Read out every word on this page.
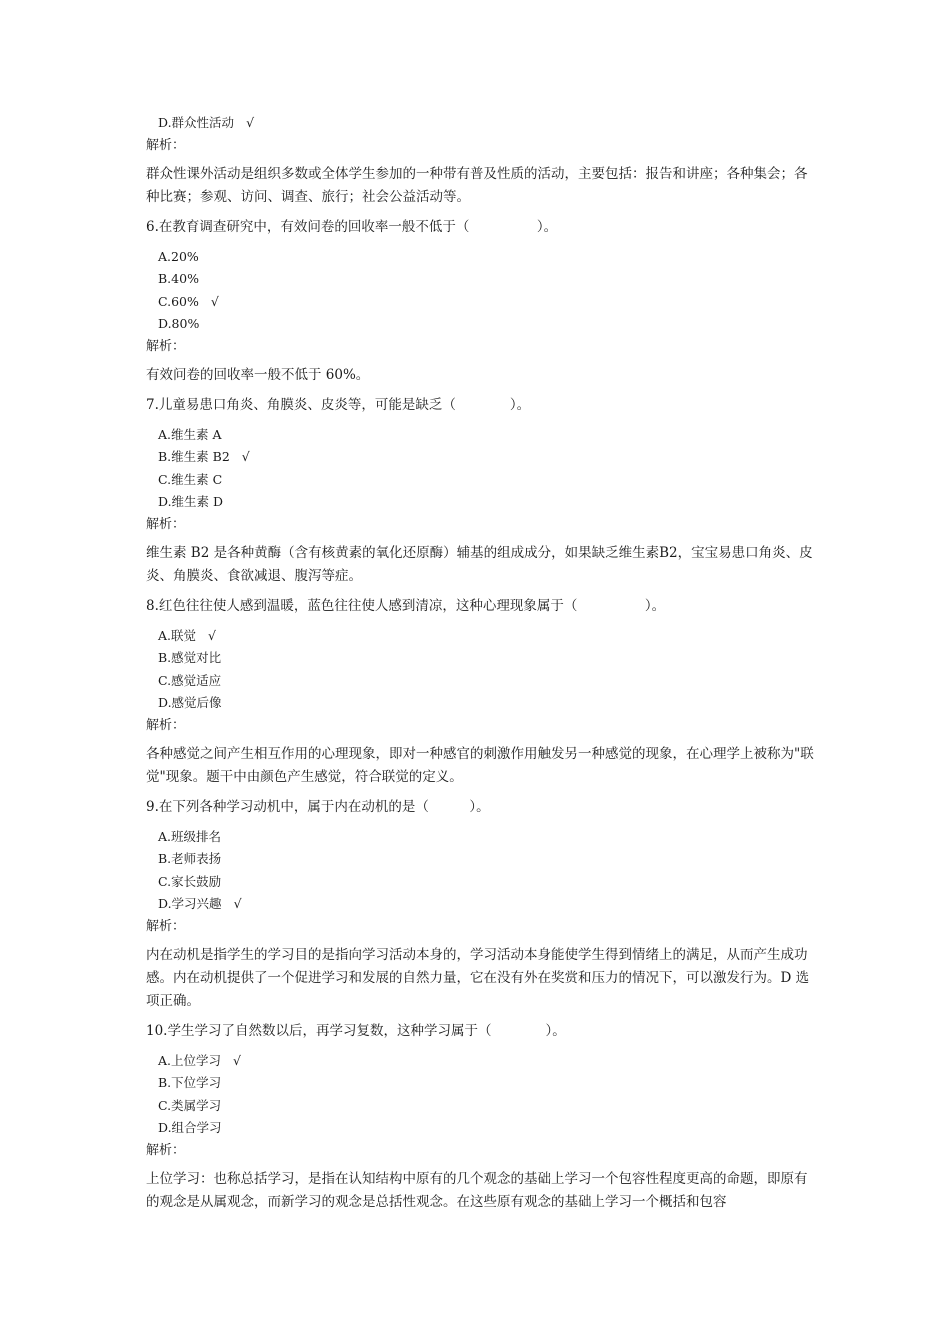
D.群众性活动 √
解析：
群众性课外活动是组织多数或全体学生参加的一种带有普及性质的活动，主要包括：报告和讲座；各种集会；各种比赛；参观、访问、调查、旅行；社会公益活动等。
6.在教育调查研究中，有效问卷的回收率一般不低于（　　　　　）。
A.20%
B.40%
C.60% √
D.80%
解析：
有效问卷的回收率一般不低于 60%。
7.儿童易患口角炎、角膜炎、皮炎等，可能是缺乏（　　　　）。
A.维生素 A
B.维生素 B2 √
C.维生素 C
D.维生素 D
解析：
维生素 B2 是各种黄酶（含有核黄素的氧化还原酶）辅基的组成成分，如果缺乏维生素B2，宝宝易患口角炎、皮炎、角膜炎、食欲减退、腹泻等症。
8.红色往往使人感到温暖，蓝色往往使人感到清凉，这种心理现象属于（　　　　　）。
A.联觉 √
B.感觉对比
C.感觉适应
D.感觉后像
解析：
各种感觉之间产生相互作用的心理现象，即对一种感官的刺激作用触发另一种感觉的现象，在心理学上被称为"联觉"现象。题干中由颜色产生感觉，符合联觉的定义。
9.在下列各种学习动机中，属于内在动机的是（　　　）。
A.班级排名
B.老师表扬
C.家长鼓励
D.学习兴趣 √
解析：
内在动机是指学生的学习目的是指向学习活动本身的，学习活动本身能使学生得到情绪上的满足，从而产生成功感。内在动机提供了一个促进学习和发展的自然力量，它在没有外在奖赏和压力的情况下，可以激发行为。D 选项正确。
10.学生学习了自然数以后，再学习复数，这种学习属于（　　　　）。
A.上位学习 √
B.下位学习
C.类属学习
D.组合学习
解析：
上位学习：也称总括学习，是指在认知结构中原有的几个观念的基础上学习一个包容性程度更高的命题，即原有的观念是从属观念，而新学习的观念是总括性观念。在这些原有观念的基础上学习一个概括和包容
